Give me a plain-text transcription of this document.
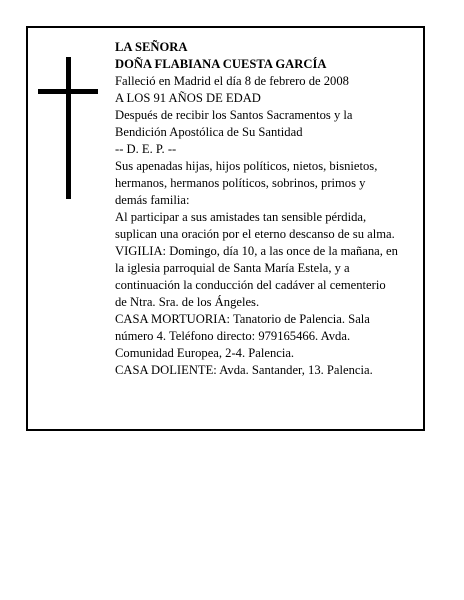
LA SEÑORA
DOÑA FLABIANA CUESTA GARCÍA
Falleció en Madrid el día 8 de febrero de 2008
A LOS 91 AÑOS DE EDAD
Después de recibir los Santos Sacramentos y la
Bendición Apostólica de Su Santidad
-- D. E. P. --
Sus apenadas hijas, hijos políticos, nietos, bisnietos,
hermanos, hermanos políticos, sobrinos, primos y
demás familia:
Al participar a sus amistades tan sensible pérdida,
suplican una oración por el eterno descanso de su alma.
VIGILIA: Domingo, día 10, a las once de la mañana, en
la iglesia parroquial de Santa María Estela, y a
continuación la conducción del cadáver al cementerio
de Ntra. Sra. de los Ángeles.
CASA MORTUORIA: Tanatorio de Palencia. Sala
número 4. Teléfono directo: 979165466. Avda.
Comunidad Europea, 2-4. Palencia.
CASA DOLIENTE: Avda. Santander, 13. Palencia.
